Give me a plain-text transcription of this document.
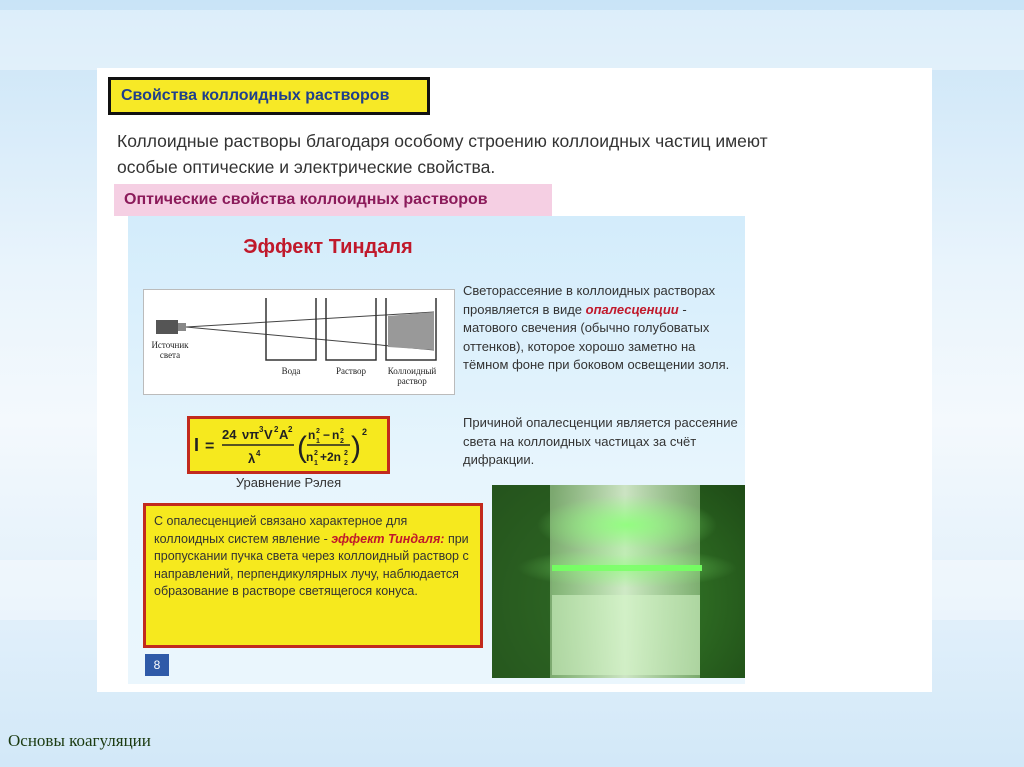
Свойства коллоидных растворов
Коллоидные растворы благодаря особому строению коллоидных частиц имеют
особые оптические и электрические свойства.
Оптические свойства коллоидных растворов
Эффект Тиндаля
Источник
света
Вода	Раствор	Коллоидный
раствор
Светорассеяние в коллоидных растворах проявляется в виде опалесценции - матового свечения (обычно голубоватых оттенков), которое хорошо заметно на тёмном фоне при боковом освещении золя.
Причиной опалесценции является рассеяние света на коллоидных частицах за счёт дифракции.
I =
24 νπ 3 V 2 A 2
λ 4 ( n 1
2 − n 2
2
n 1
2 +2n 2
2 ) 2
Уравнение Рэлея
С опалесценцией связано характерное для коллоидных систем явление - эффект Тиндаля: при пропускании пучка света через коллоидный раствор с направлений, перпендикулярных лучу, наблюдается образование в растворе светящегося конуса.
8
Основы коагуляции
